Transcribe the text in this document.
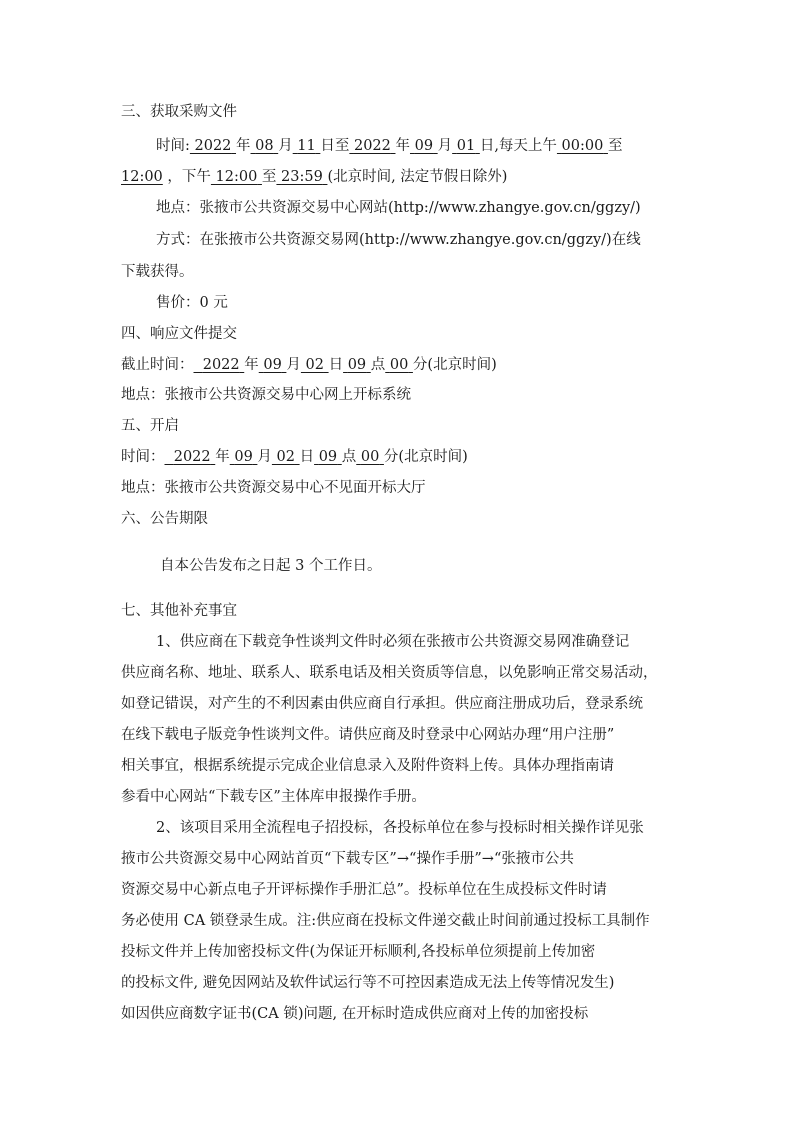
三、获取采购文件
时间: 2022 年 08 月 11 日至 2022 年 09 月 01 日,每天上午 00:00 至
12:00 ，下午 12:00 至 23:59 (北京时间, 法定节假日除外)
地点：张掖市公共资源交易中心网站(http://www.zhangye.gov.cn/ggzy/)
方式：在张掖市公共资源交易网(http://www.zhangye.gov.cn/ggzy/)在线
下载获得。
售价：0 元
四、响应文件提交
截止时间： 2022 年 09 月 02 日 09 点 00 分(北京时间)
地点：张掖市公共资源交易中心网上开标系统
五、开启
时间： 2022 年 09 月 02 日 09 点 00 分(北京时间)
地点：张掖市公共资源交易中心不见面开标大厅
六、公告期限
自本公告发布之日起 3 个工作日。
七、其他补充事宜
1、供应商在下载竞争性谈判文件时必须在张掖市公共资源交易网准确登记
供应商名称、地址、联系人、联系电话及相关资质等信息，以免影响正常交易活动，
如登记错误，对产生的不利因素由供应商自行承担。供应商注册成功后，登录系统
在线下载电子版竞争性谈判文件。请供应商及时登录中心网站办理“用户注册”
相关事宜，根据系统提示完成企业信息录入及附件资料上传。具体办理指南请
参看中心网站“下载专区”主体库申报操作手册。
2、该项目采用全流程电子招投标，各投标单位在参与投标时相关操作详见张
掖市公共资源交易中心网站首页“下载专区”→“操作手册”→“张掖市公共
资源交易中心新点电子开评标操作手册汇总”。投标单位在生成投标文件时请
务必使用 CA 锁登录生成。注:供应商在投标文件递交截止时间前通过投标工具制作
投标文件并上传加密投标文件(为保证开标顺利,各投标单位须提前上传加密
的投标文件, 避免因网站及软件试运行等不可控因素造成无法上传等情况发生)
如因供应商数字证书(CA 锁)问题, 在开标时造成供应商对上传的加密投标
